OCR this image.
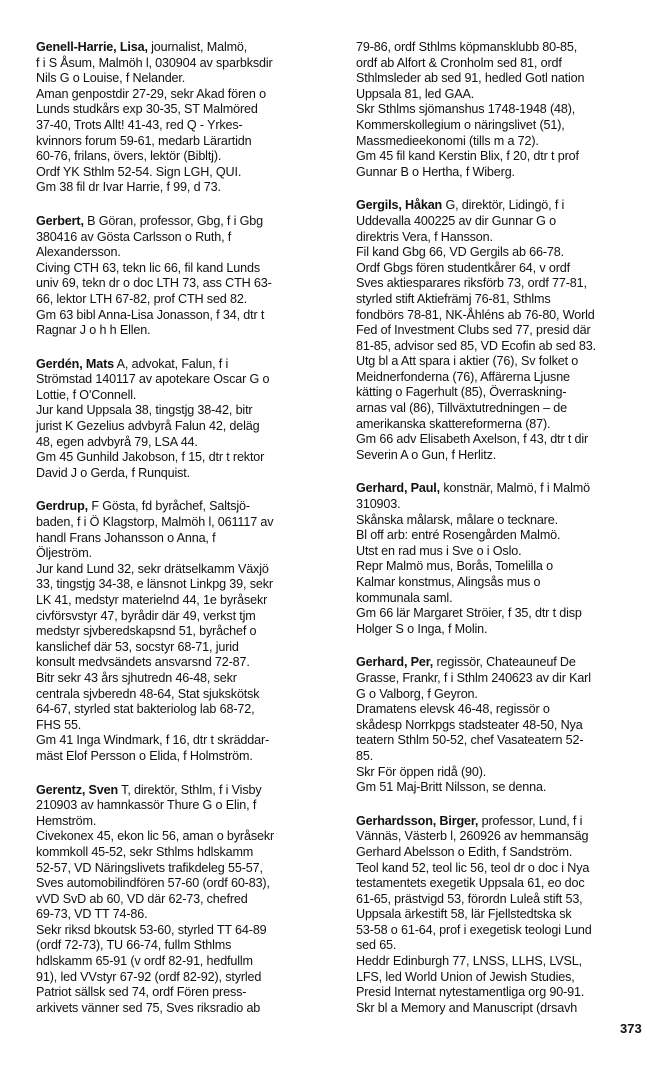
Genell-Harrie, Lisa, journalist, Malmö,

f i S Åsum, Malmöh l, 030904 av sparbksdir

Nils G o Louise, f Nelander.

Aman genpostdir 27-29, sekr Akad fören o

Lunds studkårs exp 30-35, ST Malmöred

37-40, Trots Allt! 41-43, red Q - Yrkes-

kvinnors forum 59-61, medarb Lärartidn

60-76, frilans, övers, lektör (Bibltj).

Ordf YK Sthlm 52-54. Sign LGH, QUI.

Gm 38 fil dr Ivar Harrie, f 99, d 73.

Gerbert, B Göran, professor, Gbg, f i Gbg

380416 av Gösta Carlsson o Ruth, f

Alexandersson.

Civing CTH 63, tekn lic 66, fil kand Lunds

univ 69, tekn dr o doc LTH 73, ass CTH 63-

66, lektor LTH 67-82, prof CTH sed 82.

Gm 63 bibl Anna-Lisa Jonasson, f 34, dtr t

Ragnar J o h h Ellen.

Gerdén, Mats A, advokat, Falun, f i

Strömstad 140117 av apotekare Oscar G o

Lottie, f O'Connell.

Jur kand Uppsala 38, tingstjg 38-42, bitr

jurist K Gezelius advbyrå Falun 42, deläg

48, egen advbyrå 79, LSA 44.

Gm 45 Gunhild Jakobson, f 15, dtr t rektor

David J o Gerda, f Runquist.

Gerdrup, F Gösta, fd byråchef, Saltsjö-

baden, f i Ö Klagstorp, Malmöh l, 061117 av

handl Frans Johansson o Anna, f

Öljeström.

Jur kand Lund 32, sekr drätselkamm Växjö

33, tingstjg 34-38, e länsnot Linkpg 39, sekr

LK 41, medstyr materielnd 44, 1e byråsekr

civförsvstyr 47, byrådir där 49, verkst tjm

medstyr sjvberedskapsnd 51, byråchef o

kanslichef där 53, socstyr 68-71, jurid

konsult medvsändets ansvarsnd 72-87.

Bitr sekr 43 års sjhutredn 46-48, sekr

centrala sjvberedn 48-64, Stat sjukskötsk

64-67, styrled stat bakteriolog lab 68-72,

FHS 55.

Gm 41 Inga Windmark, f 16, dtr t skräddar-

mäst Elof Persson o Elida, f Holmström.

Gerentz, Sven T, direktör, Sthlm, f i Visby

210903 av hamnkassör Thure G o Elin, f

Hemström.

Civekonex 45, ekon lic 56, aman o byråsekr

kommkoll 45-52, sekr Sthlms hdlskamm

52-57, VD Näringslivets trafikdeleg 55-57,

Sves automobilindfören 57-60 (ordf 60-83),

vVD SvD ab 60, VD där 62-73, chefred

69-73, VD TT 74-86.

Sekr riksd bkoutsk 53-60, styrled TT 64-89

(ordf 72-73), TU 66-74, fullm Sthlms

hdlskamm 65-91 (v ordf 82-91, hedfullm

91), led VVstyr 67-92 (ordf 82-92), styrled

Patriot sällsk sed 74, ordf Fören press-

arkivets vänner sed 75, Sves riksradio ab

79-86, ordf Sthlms köpmansklubb 80-85,

ordf ab Alfort & Cronholm sed 81, ordf

Sthlmsleder ab sed 91, hedled Gotl nation

Uppsala 81, led GAA.

Skr Sthlms sjömanshus 1748-1948 (48),

Kommerskollegium o näringslivet (51),

Massmedieekonomi (tills m a 72).

Gm 45 fil kand Kerstin Blix, f 20, dtr t prof

Gunnar B o Hertha, f Wiberg.

Gergils, Håkan G, direktör, Lidingö, f i

Uddevalla 400225 av dir Gunnar G o

direktris Vera, f Hansson.

Fil kand Gbg 66, VD Gergils ab 66-78.

Ordf Gbgs fören studentkårer 64, v ordf

Sves aktiesparares riksförb 73, ordf 77-81,

styrled stift Aktiefrämj 76-81, Sthlms

fondbörs 78-81, NK-Åhléns ab 76-80, World

Fed of Investment Clubs sed 77, presid där

81-85, advisor sed 85, VD Ecofin ab sed 83.

Utg bl a Att spara i aktier (76), Sv folket o

Meidnerfonderna (76), Affärerna Ljusne

kätting o Fagerhult (85), Överraskning-

arnas val (86), Tillväxtutredningen – de

amerikanska skattereformerna (87).

Gm 66 adv Elisabeth Axelson, f 43, dtr t dir

Severin A o Gun, f Herlitz.

Gerhard, Paul, konstnär, Malmö, f i Malmö

310903.

Skånska målarsk, målare o tecknare.

Bl off arb: entré Rosengården Malmö.

Utst en rad mus i Sve o i Oslo.

Repr Malmö mus, Borås, Tomelilla o

Kalmar konstmus, Alingsås mus o

kommunala saml.

Gm 66 lär Margaret Ströier, f 35, dtr t disp

Holger S o Inga, f Molin.

Gerhard, Per, regissör, Chateauneuf De

Grasse, Frankr, f i Sthlm 240623 av dir Karl

G o Valborg, f Geyron.

Dramatens elevsk 46-48, regissör o

skådesp Norrkpgs stadsteater 48-50, Nya

teatern Sthlm 50-52, chef Vasateatern 52-

85.

Skr För öppen ridå (90).

Gm 51 Maj-Britt Nilsson, se denna.

Gerhardsson, Birger, professor, Lund, f i

Vännäs, Västerb l, 260926 av hemmansäg

Gerhard Abelsson o Edith, f Sandström.

Teol kand 52, teol lic 56, teol dr o doc i Nya

testamentets exegetik Uppsala 61, eo doc

61-65, prästvigd 53, förordn Luleå stift 53,

Uppsala ärkestift 58, lär Fjellstedtska sk

53-58 o 61-64, prof i exegetisk teologi Lund

sed 65.

Heddr Edinburgh 77, LNSS, LLHS, LVSL,

LFS, led World Union of Jewish Studies,

Presid Internat nytestamentliga org 90-91.

Skr bl a Memory and Manuscript (drsavh

373
